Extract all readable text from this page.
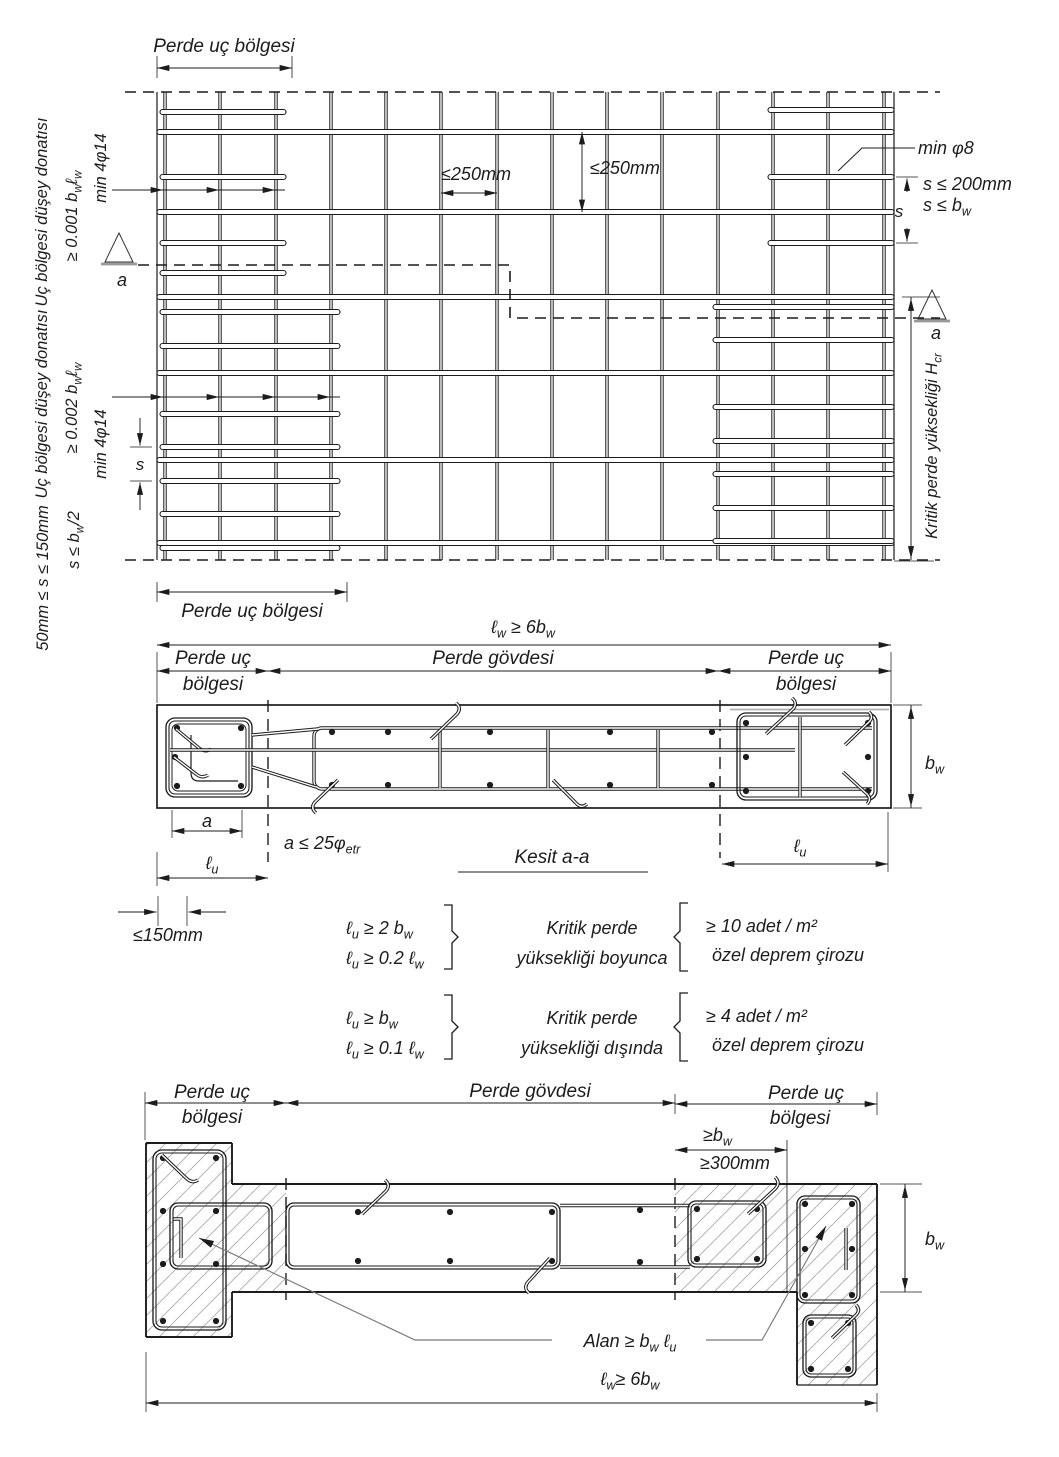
Perde uç bölgesi
≤250mm	≤250mm
min φ8
s ≤ 200mm
$s \le b_w$
s
s
a
a
Perde uç bölgesi
Uç bölgesi düşey donatısı ≥ 0.001 $b_w\ell_w$ min 4φ14
Uç bölgesi düşey donatısı ≥ 0.002 $b_w\ell_w$
min 4φ14
50mm ≤ s ≤ 150mm $s \le b_w/2$	Kritik perde yüksekliği $H_{cr}$
ℓ$_w$ ≥ $6b_w$
Perde uç
bölgesi
Perde gövdesi	Perde uç
bölgesi
$b_w$
a
$a \le 25\varphi_{etr}$
ℓ$_u$
Kesit a-a
≤150mm
ℓ$_u$
ℓ$_u$ ≥ 2 $b_w$
ℓ$_u$ ≥ 0.2 ℓ$_w$
Kritik perde
yüksekliği boyunca
≥ 10 adet / m²
özel deprem çirozu
ℓ$_u$ ≥ $b_w$
ℓ$_u$ ≥ 0.1 ℓ$_w$
Kritik perde
yüksekliği dışında
≥ 4 adet / m²
özel deprem çirozu
Perde uç
bölgesi
Perde gövdesi	Perde uç
bölgesi
$\ge b_w$
≥300mm
$b_w$
Alan ≥ $b_w$ ℓ$_u$
ℓ$_w$≥ $6b_w$
